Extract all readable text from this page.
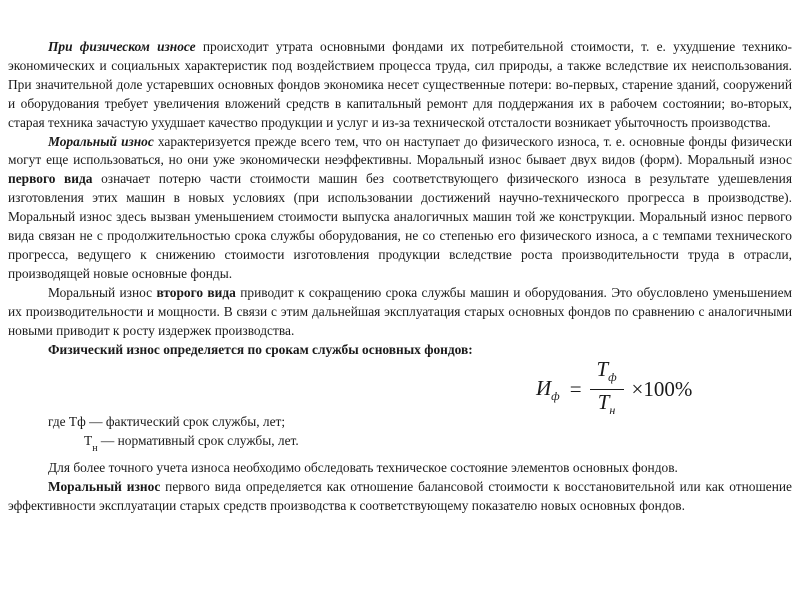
При физическом износе происходит утрата основными фондами их потребительной стоимости, т. е. ухудшение технико-экономических и социальных характеристик под воздействием процесса труда, сил природы, а также вследствие их неиспользования. При значительной доле устаревших основных фондов экономика несет существенные потери: во-первых, старение зданий, сооружений и оборудования требует увеличения вложений средств в капитальный ремонт для поддержания их в рабочем состоянии; во-вторых, старая техника зачастую ухудшает качество продукции и услуг и из-за технической отсталости возникает убыточность производства.

Моральный износ характеризуется прежде всего тем, что он наступает до физического износа, т. е. основные фонды физически могут еще использоваться, но они уже экономически неэффективны. Моральный износ бывает двух видов (форм). Моральный износ первого вида означает потерю части стоимости машин без соответствующего физического износа в результате удешевления изготовления этих машин в новых условиях (при использовании достижений научно-технического прогресса в производстве). Моральный износ здесь вызван уменьшением стоимости выпуска аналогичных машин той же конструкции. Моральный износ первого вида связан не с продолжительностью срока службы оборудования, не со степенью его физического износа, а с темпами технического прогресса, ведущего к снижению стоимости изготовления продукции вследствие роста производительности труда в отрасли, производящей новые основные фонды.

Моральный износ второго вида приводит к сокращению срока службы машин и оборудования. Это обусловлено уменьшением их производительности и мощности. В связи с этим дальнейшая эксплуатация старых основных фондов по сравнению с аналогичными новыми приводит к росту издержек производства.

Физический износ определяется по срокам службы основных фондов:

$И_ф = \frac{T_ф}{T_н} \times 100\%$

где Тф — фактический срок службы, лет;

$Т_н$ — нормативный срок службы, лет.

Для более точного учета износа необходимо обследовать техническое состояние элементов основных фондов.

Моральный износ первого вида определяется как отношение балансовой стоимости к восстановительной или как отношение эффективности эксплуатации старых средств производства к соответствующему показателю новых основных фондов.
